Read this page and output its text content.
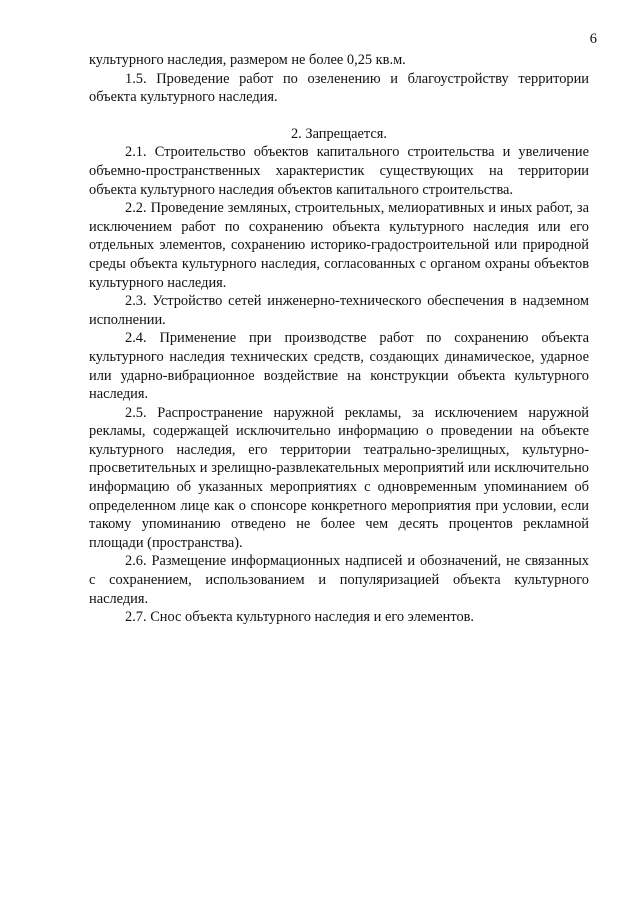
6

культурного наследия, размером не более 0,25 кв.м.

1.5. Проведение работ по озеленению и благоустройству территории объекта культурного наследия.

2. Запрещается.

2.1. Строительство объектов капитального строительства и увеличение объемно-пространственных характеристик существующих на территории объекта культурного наследия объектов капитального строительства.

2.2. Проведение земляных, строительных, мелиоративных и иных работ, за исключением работ по сохранению объекта культурного наследия или его отдельных элементов, сохранению историко-градостроительной или природной среды объекта культурного наследия, согласованных с органом охраны объектов культурного наследия.

2.3. Устройство сетей инженерно-технического обеспечения в надземном исполнении.

2.4. Применение при производстве работ по сохранению объекта культурного наследия технических средств, создающих динамическое, ударное или ударно-вибрационное воздействие на конструкции объекта культурного наследия.

2.5. Распространение наружной рекламы, за исключением наружной рекламы, содержащей исключительно информацию о проведении на объекте культурного наследия, его территории театрально-зрелищных, культурно-просветительных и зрелищно-развлекательных мероприятий или исключительно информацию об указанных мероприятиях с одновременным упоминанием об определенном лице как о спонсоре конкретного мероприятия при условии, если такому упоминанию отведено не более чем десять процентов рекламной площади (пространства).

2.6. Размещение информационных надписей и обозначений, не связанных с сохранением, использованием и популяризацией объекта культурного наследия.

2.7. Снос объекта культурного наследия и его элементов.
